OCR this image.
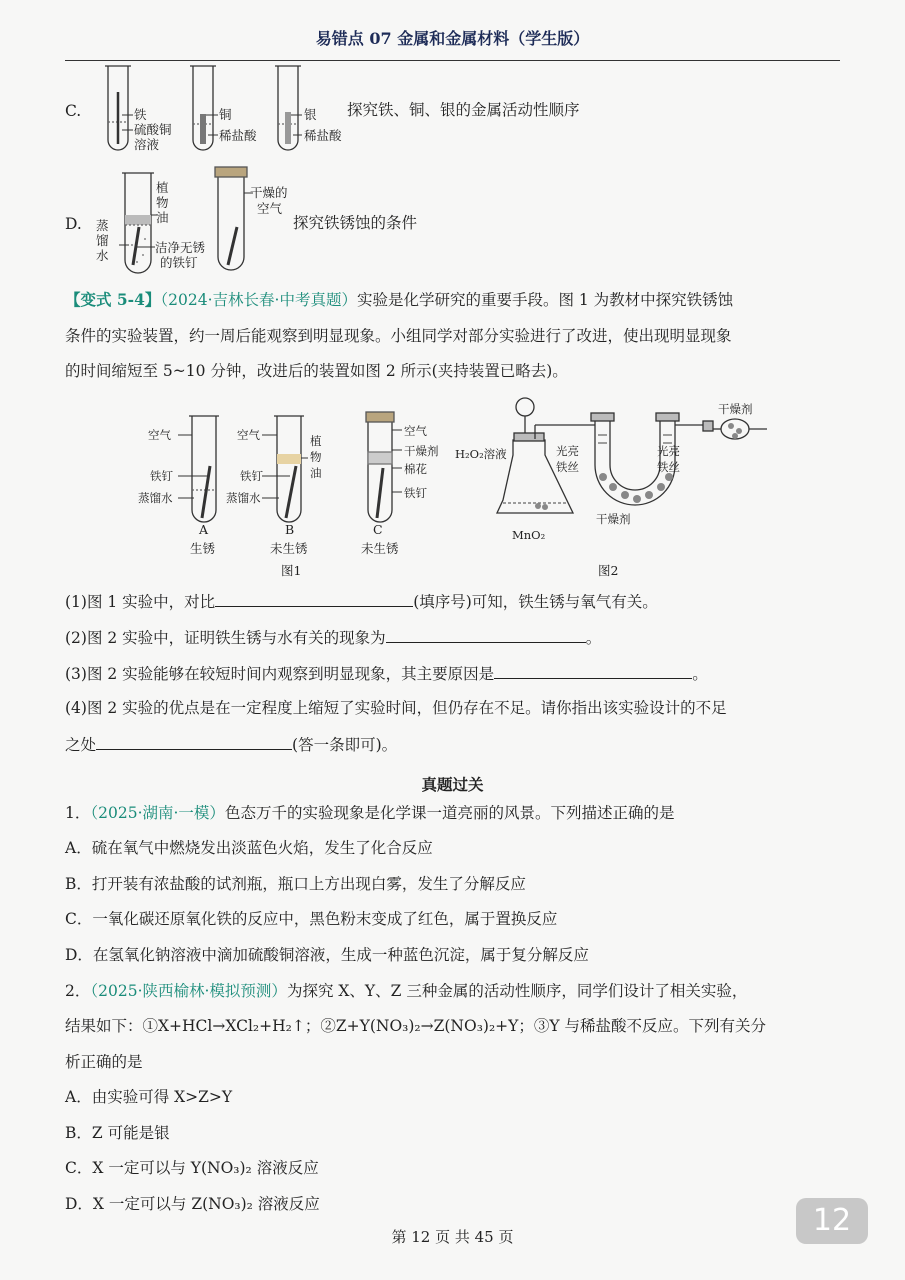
易错点 07 金属和金属材料（学生版）
C.	铁
硫酸铜
溶液
铜
稀盐酸
银
稀盐酸
探究铁、铜、银的金属活动性顺序
D.
植
物
油
蒸
馏
水
洁净无锈
的铁钉
干燥的
空气
探究铁锈蚀的条件
【变式 5-4】（2024·吉林长春·中考真题）实验是化学研究的重要手段。图 1 为教材中探究铁锈蚀
条件的实验装置，约一周后能观察到明显现象。小组同学对部分实验进行了改进，使出现明显现象
的时间缩短至 5~10 分钟，改进后的装置如图 2 所示(夹持装置已略去)。
空气
铁钉
蒸馏水
空气
铁钉
蒸馏水
植
物
油
空气
干燥剂
棉花
铁钉
A
生锈
B
未生锈
C
未生锈
图1
H₂O₂溶液
MnO₂
光亮
铁丝
光亮
铁丝
干燥剂
干燥剂
图2
(1)图 1 实验中，对比	(填序号)可知，铁生锈与氧气有关。
(2)图 2 实验中，证明铁生锈与水有关的现象为	。
(3)图 2 实验能够在较短时间内观察到明显现象，其主要原因是	。
(4)图 2 实验的优点是在一定程度上缩短了实验时间，但仍存在不足。请你指出该实验设计的不足
之处	(答一条即可)。
真题过关
1．（2025·湖南·一模）色态万千的实验现象是化学课一道亮丽的风景。下列描述正确的是
A．硫在氧气中燃烧发出淡蓝色火焰，发生了化合反应
B．打开装有浓盐酸的试剂瓶，瓶口上方出现白雾，发生了分解反应
C．一氧化碳还原氧化铁的反应中，黑色粉末变成了红色，属于置换反应
D．在氢氧化钠溶液中滴加硫酸铜溶液，生成一种蓝色沉淀，属于复分解反应
2．（2025·陕西榆林·模拟预测）为探究 X、Y、Z 三种金属的活动性顺序，同学们设计了相关实验，
结果如下：①X+HCl→XCl₂+H₂↑；②Z+Y(NO₃)₂→Z(NO₃)₂+Y；③Y 与稀盐酸不反应。下列有关分
析正确的是
A．由实验可得 X>Z>Y
B．Z 可能是银
C．X 一定可以与 Y(NO₃)₂ 溶液反应
D．X 一定可以与 Z(NO₃)₂ 溶液反应
第 12 页 共 45 页	12
